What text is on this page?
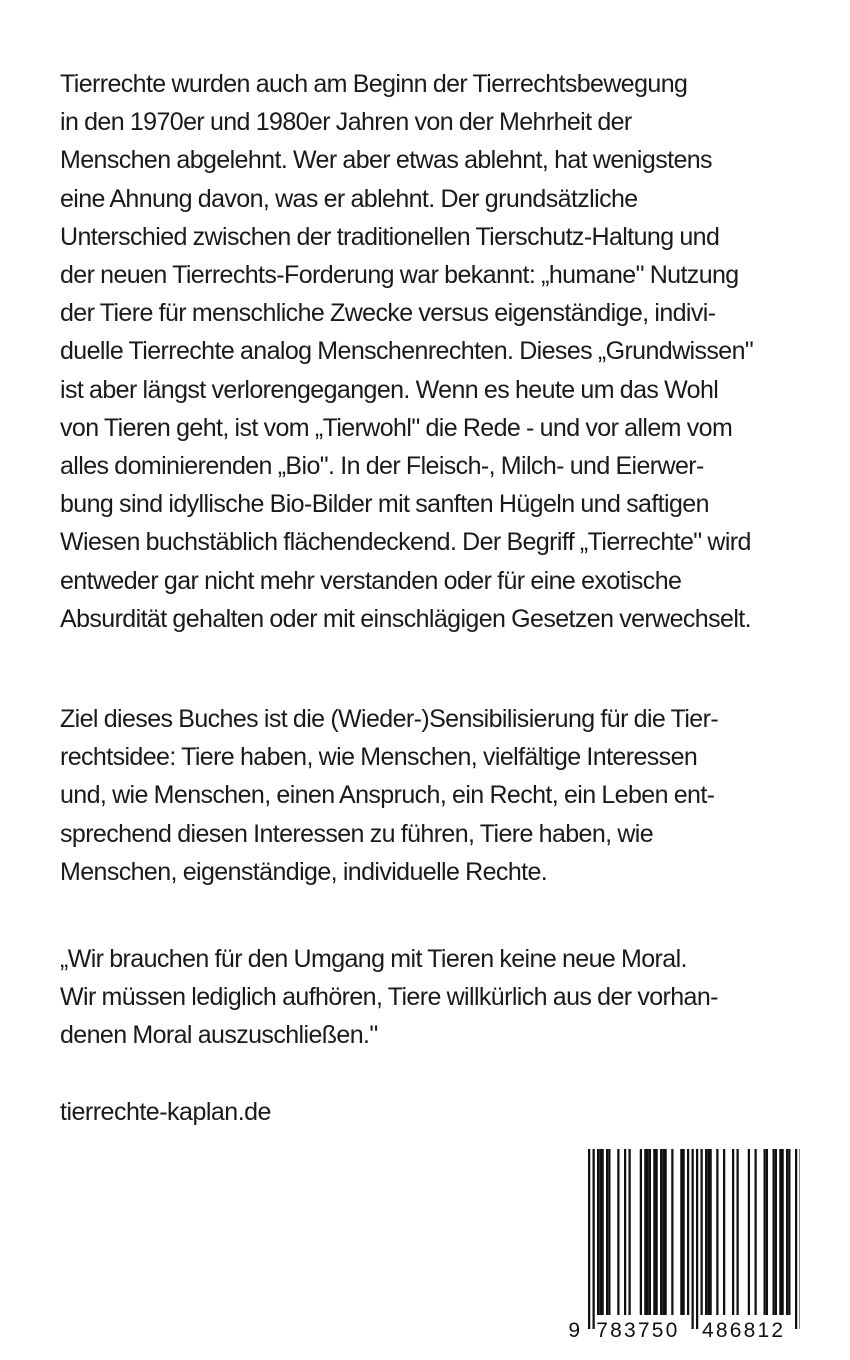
Tierrechte wurden auch am Beginn der Tierrechtsbewegung
in den 1970er und 1980er Jahren von der Mehrheit der
Menschen abgelehnt. Wer aber etwas ablehnt, hat wenigstens
eine Ahnung davon, was er ablehnt. Der grundsätzliche
Unterschied zwischen der traditionellen Tierschutz-Haltung und
der neuen Tierrechts-Forderung war bekannt: „humane" Nutzung
der Tiere für menschliche Zwecke versus eigenständige, indivi-
duelle Tierrechte analog Menschenrechten. Dieses „Grundwissen"
ist aber längst verlorengegangen. Wenn es heute um das Wohl
von Tieren geht, ist vom „Tierwohl" die Rede - und vor allem vom
alles dominierenden „Bio". In der Fleisch-, Milch- und Eierwer-
bung sind idyllische Bio-Bilder mit sanften Hügeln und saftigen
Wiesen buchstäblich flächendeckend. Der Begriff „Tierrechte" wird
entweder gar nicht mehr verstanden oder für eine exotische
Absurdität gehalten oder mit einschlägigen Gesetzen verwechselt.
Ziel dieses Buches ist die (Wieder-)Sensibilisierung für die Tier-
rechtsidee: Tiere haben, wie Menschen, vielfältige Interessen
und, wie Menschen, einen Anspruch, ein Recht, ein Leben ent-
sprechend diesen Interessen zu führen, Tiere haben, wie
Menschen, eigenständige, individuelle Rechte.
„Wir brauchen für den Umgang mit Tieren keine neue Moral.
Wir müssen lediglich aufhören, Tiere willkürlich aus der vorhan-
denen Moral auszuschließen."
tierrechte-kaplan.de
9 783750 486812
